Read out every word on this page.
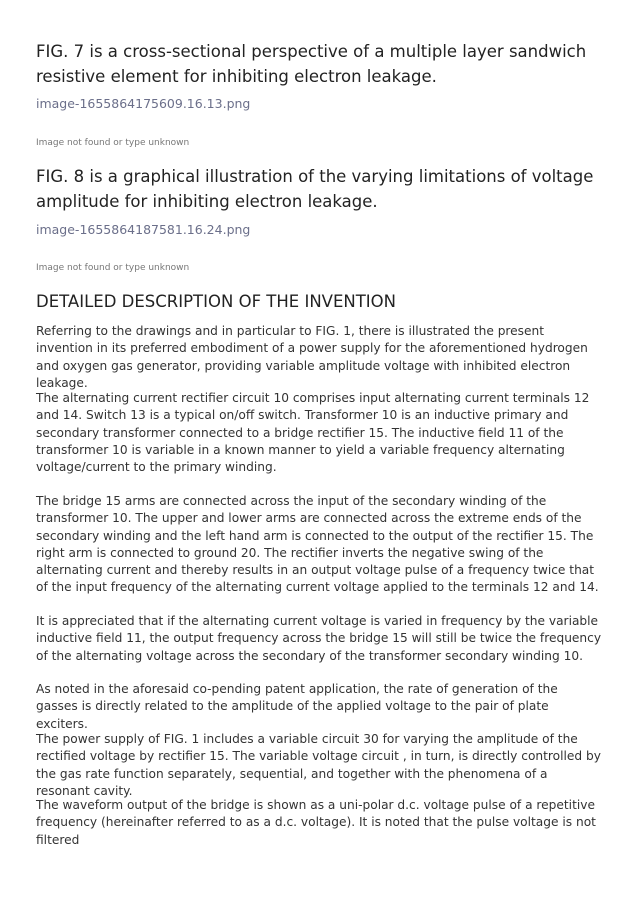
FIG. 7 is a cross-sectional perspective of a multiple layer sandwich resistive element for inhibiting electron leakage.

image-1655864175609.16.13.png
Image not found or type unknown

FIG. 8 is a graphical illustration of the varying limitations of voltage amplitude for inhibiting electron leakage.

image-1655864187581.16.24.png
Image not found or type unknown
DETAILED DESCRIPTION OF THE INVENTION

Referring to the drawings and in particular to FIG. 1, there is illustrated the present invention in its preferred embodiment of a power supply for the aforementioned hydrogen and oxygen gas generator, providing variable amplitude voltage with inhibited electron leakage.

The alternating current rectifier circuit 10 comprises input alternating current terminals 12 and 14. Switch 13 is a typical on/off switch. Transformer 10 is an inductive primary and secondary transformer connected to a bridge rectifier 15. The inductive field 11 of the transformer 10 is variable in a known manner to yield a variable frequency alternating voltage/current to the primary winding.

The bridge 15 arms are connected across the input of the secondary winding of the transformer 10. The upper and lower arms are connected across the extreme ends of the secondary winding and the left hand arm is connected to the output of the rectifier 15. The right arm is connected to ground 20. The rectifier inverts the negative swing of the alternating current and thereby results in an output voltage pulse of a frequency twice that of the input frequency of the alternating current voltage applied to the terminals 12 and 14.

It is appreciated that if the alternating current voltage is varied in frequency by the variable inductive field 11, the output frequency across the bridge 15 will still be twice the frequency of the alternating voltage across the secondary of the transformer secondary winding 10.

As noted in the aforesaid co-pending patent application, the rate of generation of the gasses is directly related to the amplitude of the applied voltage to the pair of plate exciters.

The power supply of FIG. 1 includes a variable circuit 30 for varying the amplitude of the rectified voltage by rectifier 15. The variable voltage circuit , in turn, is directly controlled by the gas rate function separately, sequential, and together with the phenomena of a resonant cavity.

The waveform output of the bridge is shown as a uni-polar d.c. voltage pulse of a repetitive frequency (hereinafter referred to as a d.c. voltage). It is noted that the pulse voltage is not filtered
